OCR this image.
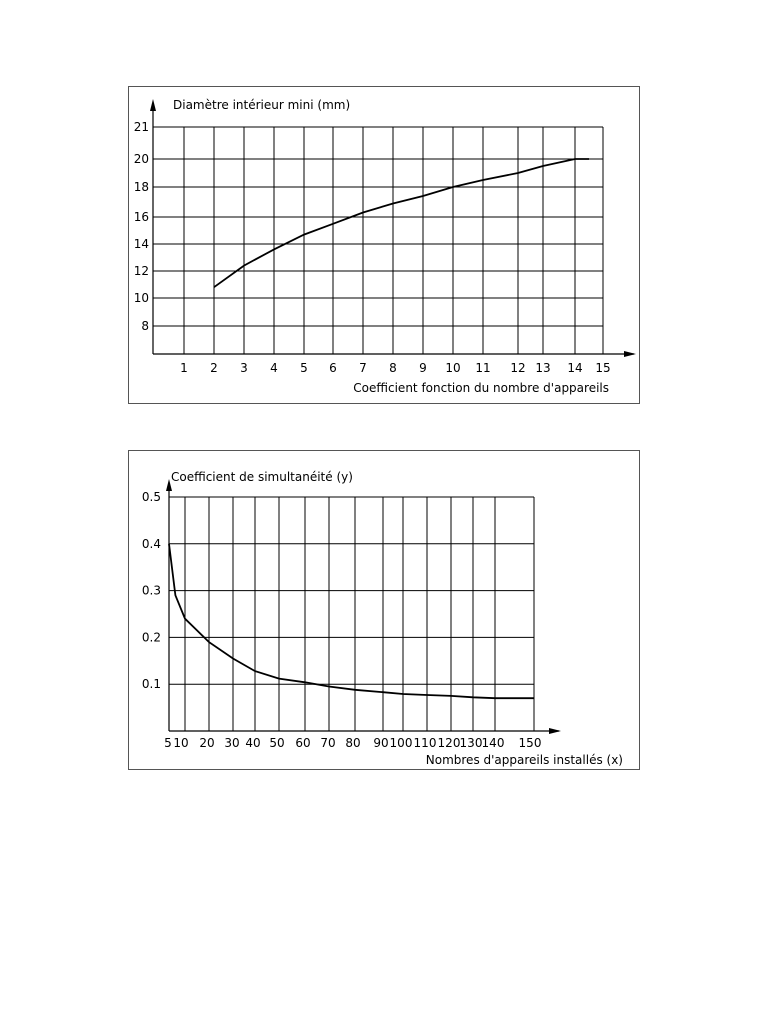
1 2 3 4 5 6 7 8 9 10 11 12 13 14 15
8
10
12
14
16
18
20
21
Diamètre intérieur mini (mm)
Coefficient fonction du nombre d'appareils
5 10 20 30 40 50 60 70 80 90 100 110 120 130 140 150
0.1
0.2
0.3
0.4
0.5
Coefficient de simultanéité (y)
Nombres d'appareils installés (x)
